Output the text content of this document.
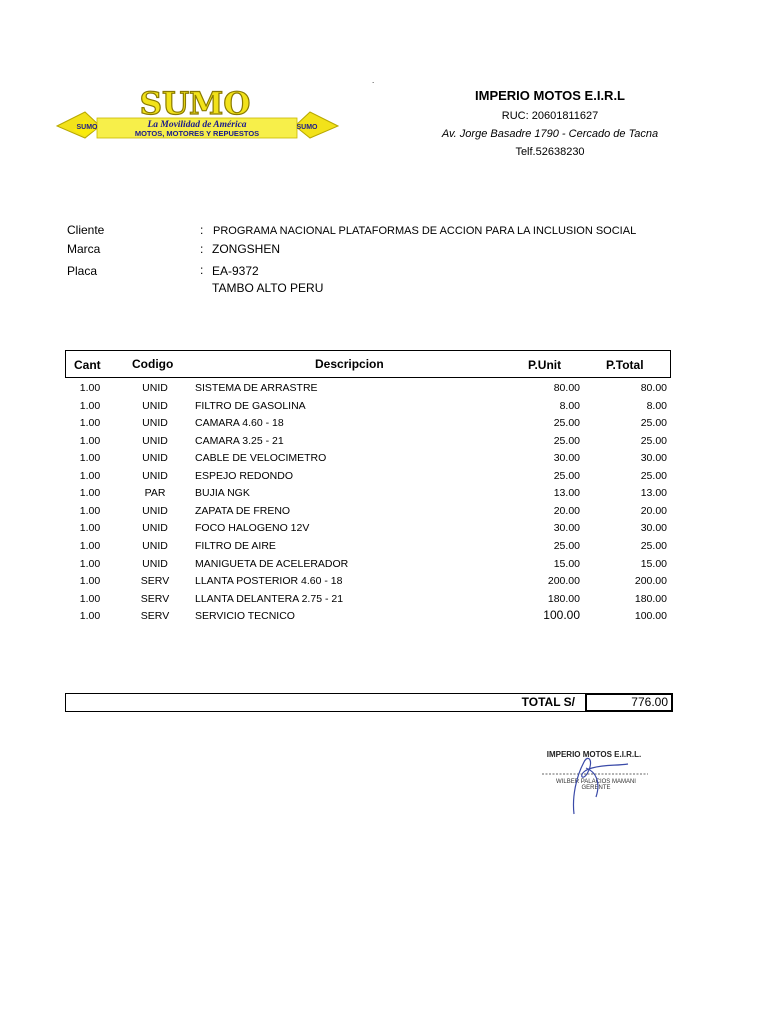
SUMO
La Movilidad de América
MOTOS, MOTORES Y REPUESTOS
SUMO	SUMO
.
IMPERIO MOTOS E.I.R.L
RUC: 20601811627
Av. Jorge Basadre 1790 - Cercado de Tacna
Telf.52638230
Cliente	: PROGRAMA NACIONAL PLATAFORMAS DE ACCION PARA LA INCLUSION SOCIAL
Marca	: ZONGSHEN
Placa	: EA-9372
TAMBO ALTO PERU
Cant	Codigo	Descripcion	P.Unit	P.Total
1.00	UNID	SISTEMA DE ARRASTRE	80.00	80.00
1.00	UNID	FILTRO DE GASOLINA	8.00	8.00
1.00	UNID	CAMARA 4.60 - 18	25.00	25.00
1.00	UNID	CAMARA 3.25 - 21	25.00	25.00
1.00	UNID	CABLE DE VELOCIMETRO	30.00	30.00
1.00	UNID	ESPEJO REDONDO	25.00	25.00
1.00	PAR	BUJIA NGK	13.00	13.00
1.00	UNID	ZAPATA DE FRENO	20.00	20.00
1.00	UNID	FOCO HALOGENO 12V	30.00	30.00
1.00	UNID	FILTRO DE AIRE	25.00	25.00
1.00	UNID	MANIGUETA DE ACELERADOR	15.00	15.00
1.00	SERV	LLANTA POSTERIOR 4.60 - 18	200.00	200.00
1.00	SERV	LLANTA DELANTERA 2.75 - 21	180.00	180.00
1.00	SERV	SERVICIO TECNICO	100.00	100.00
TOTAL S/	776.00
IMPERIO MOTOS E.I.R.L.
WILBER PALACIOS MAMANI
GERENTE
